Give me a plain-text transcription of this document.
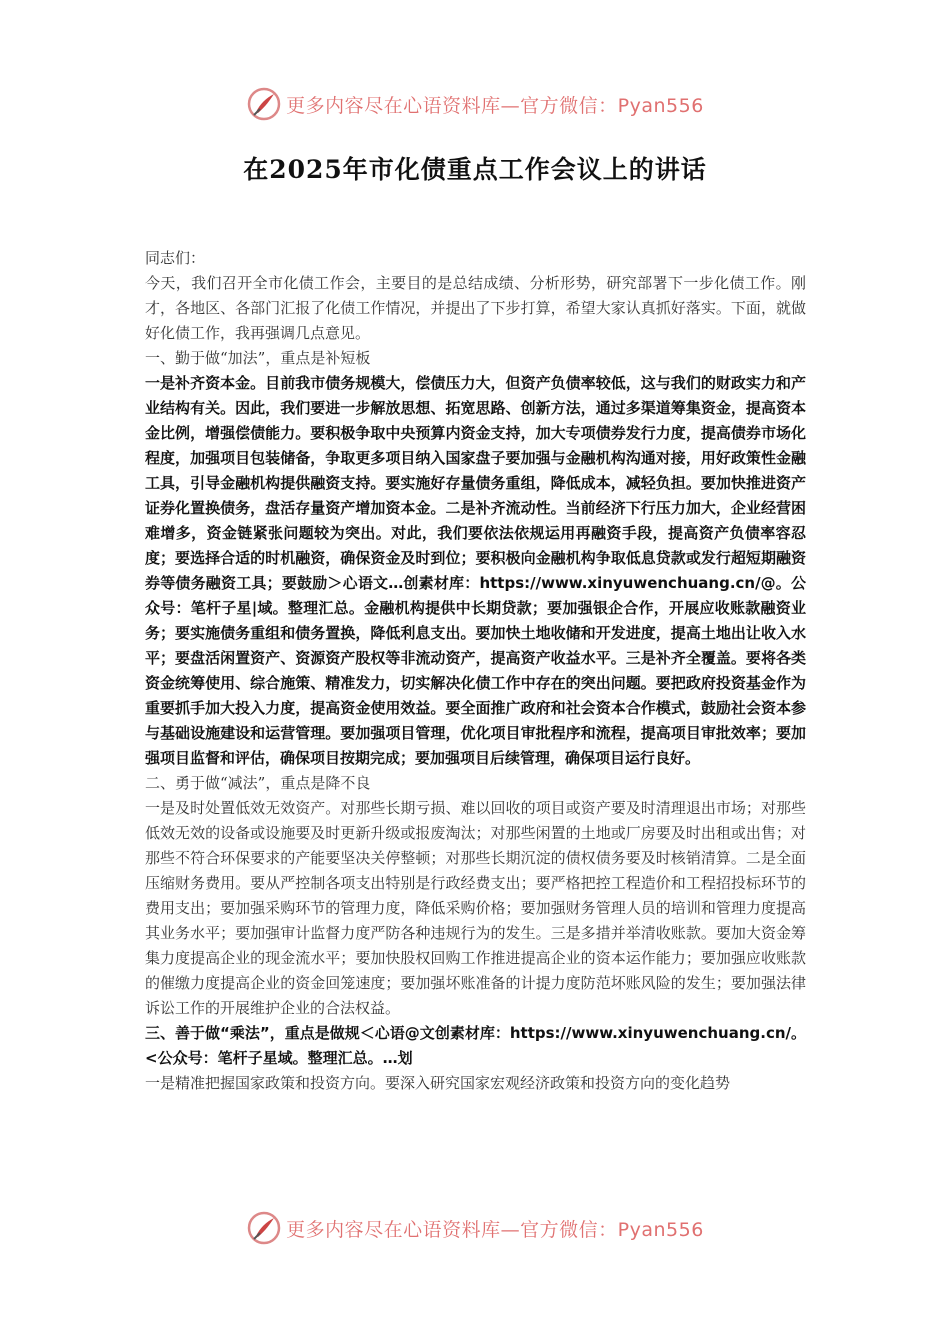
更多内容尽在心语资料库—官方微信：Pyan556
在2025年市化债重点工作会议上的讲话

同志们：

今天，我们召开全市化债工作会，主要目的是总结成绩、分析形势，研究部署下一步化债工作。刚才，各地区、各部门汇报了化债工作情况，并提出了下步打算，希望大家认真抓好落实。下面，就做好化债工作，我再强调几点意见。

一、勤于做“加法”，重点是补短板

一是补齐资本金。目前我市债务规模大，偿债压力大，但资产负债率较低，这与我们的财政实力和产业结构有关。因此，我们要进一步解放思想、拓宽思路、创新方法，通过多渠道筹集资金，提高资本金比例，增强偿债能力。要积极争取中央预算内资金支持，加大专项债券发行力度，提高债券市场化程度，加强项目包装储备，争取更多项目纳入国家盘子要加强与金融机构沟通对接，用好政策性金融工具，引导金融机构提供融资支持。要实施好存量债务重组，降低成本，减轻负担。要加快推进资产证券化置换债务，盘活存量资产增加资本金。二是补齐流动性。当前经济下行压力加大，企业经营困难增多，资金链紧张问题较为突出。对此，我们要依法依规运用再融资手段，提高资产负债率容忍度；要选择合适的时机融资，确保资金及时到位；要积极向金融机构争取低息贷款或发行超短期融资券等债务融资工具；要鼓励＞心语文…创素材库：https://www.xinyuwenchuang.cn/@。公众号：笔杆子星|域。整理汇总。金融机构提供中长期贷款；要加强银企合作，开展应收账款融资业务；要实施债务重组和债务置换，降低利息支出。要加快土地收储和开发进度，提高土地出让收入水平；要盘活闲置资产、资源资产股权等非流动资产，提高资产收益水平。三是补齐全覆盖。要将各类资金统筹使用、综合施策、精准发力，切实解决化债工作中存在的突出问题。要把政府投资基金作为重要抓手加大投入力度，提高资金使用效益。要全面推广政府和社会资本合作模式，鼓励社会资本参与基础设施建设和运营管理。要加强项目管理，优化项目审批程序和流程，提高项目审批效率；要加强项目监督和评估，确保项目按期完成；要加强项目后续管理，确保项目运行良好。

二、勇于做“减法”，重点是降不良

一是及时处置低效无效资产。对那些长期亏损、难以回收的项目或资产要及时清理退出市场；对那些低效无效的设备或设施要及时更新升级或报废淘汰；对那些闲置的土地或厂房要及时出租或出售；对那些不符合环保要求的产能要坚决关停整顿；对那些长期沉淀的债权债务要及时核销清算。二是全面压缩财务费用。要从严控制各项支出特别是行政经费支出；要严格把控工程造价和工程招投标环节的费用支出；要加强采购环节的管理力度，降低采购价格；要加强财务管理人员的培训和管理力度提高其业务水平；要加强审计监督力度严防各种违规行为的发生。三是多措并举清收账款。要加大资金筹集力度提高企业的现金流水平；要加快股权回购工作推进提高企业的资本运作能力；要加强应收账款的催缴力度提高企业的资金回笼速度；要加强坏账准备的计提力度防范坏账风险的发生；要加强法律诉讼工作的开展维护企业的合法权益。

三、善于做“乘法”，重点是做规＜心语@文创素材库：https://www.xinyuwenchuang.cn/。<公众号：笔杆子星域。整理汇总。…划

一是精准把握国家政策和投资方向。要深入研究国家宏观经济政策和投资方向的变化趋势

更多内容尽在心语资料库—官方微信：Pyan556
